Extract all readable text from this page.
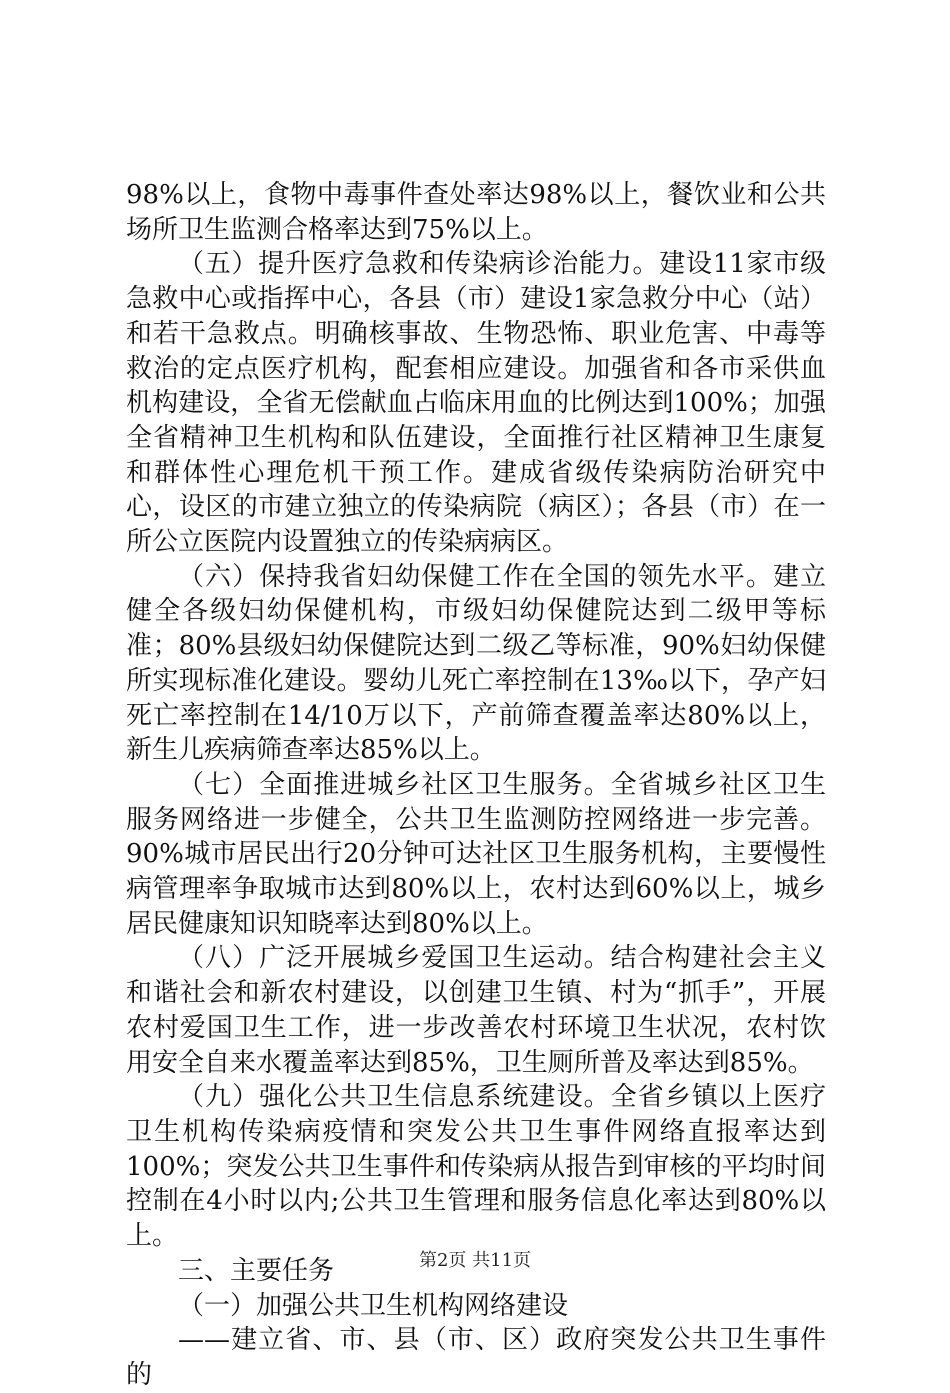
98%以上，食物中毒事件查处率达98%以上，餐饮业和公共场所卫生监测合格率达到75%以上。

（五）提升医疗急救和传染病诊治能力。建设11家市级急救中心或指挥中心，各县（市）建设1家急救分中心（站）和若干急救点。明确核事故、生物恐怖、职业危害、中毒等救治的定点医疗机构，配套相应建设。加强省和各市采供血机构建设，全省无偿献血占临床用血的比例达到100%；加强全省精神卫生机构和队伍建设，全面推行社区精神卫生康复和群体性心理危机干预工作。建成省级传染病防治研究中心，设区的市建立独立的传染病院（病区）；各县（市）在一所公立医院内设置独立的传染病病区。

（六）保持我省妇幼保健工作在全国的领先水平。建立健全各级妇幼保健机构，市级妇幼保健院达到二级甲等标准；80%县级妇幼保健院达到二级乙等标准，90%妇幼保健所实现标准化建设。婴幼儿死亡率控制在13‰以下，孕产妇死亡率控制在14/10万以下，产前筛查覆盖率达80%以上，新生儿疾病筛查率达85%以上。

（七）全面推进城乡社区卫生服务。全省城乡社区卫生服务网络进一步健全，公共卫生监测防控网络进一步完善。90%城市居民出行20分钟可达社区卫生服务机构，主要慢性病管理率争取城市达到80%以上，农村达到60%以上，城乡居民健康知识知晓率达到80%以上。

（八）广泛开展城乡爱国卫生运动。结合构建社会主义和谐社会和新农村建设，以创建卫生镇、村为“抓手”，开展农村爱国卫生工作，进一步改善农村环境卫生状况，农村饮用安全自来水覆盖率达到85%，卫生厕所普及率达到85%。

（九）强化公共卫生信息系统建设。全省乡镇以上医疗卫生机构传染病疫情和突发公共卫生事件网络直报率达到100%；突发公共卫生事件和传染病从报告到审核的平均时间控制在4小时以内;公共卫生管理和服务信息化率达到80%以上。

三、主要任务

（一）加强公共卫生机构网络建设

——建立省、市、县（市、区）政府突发公共卫生事件的

第2页 共11页
